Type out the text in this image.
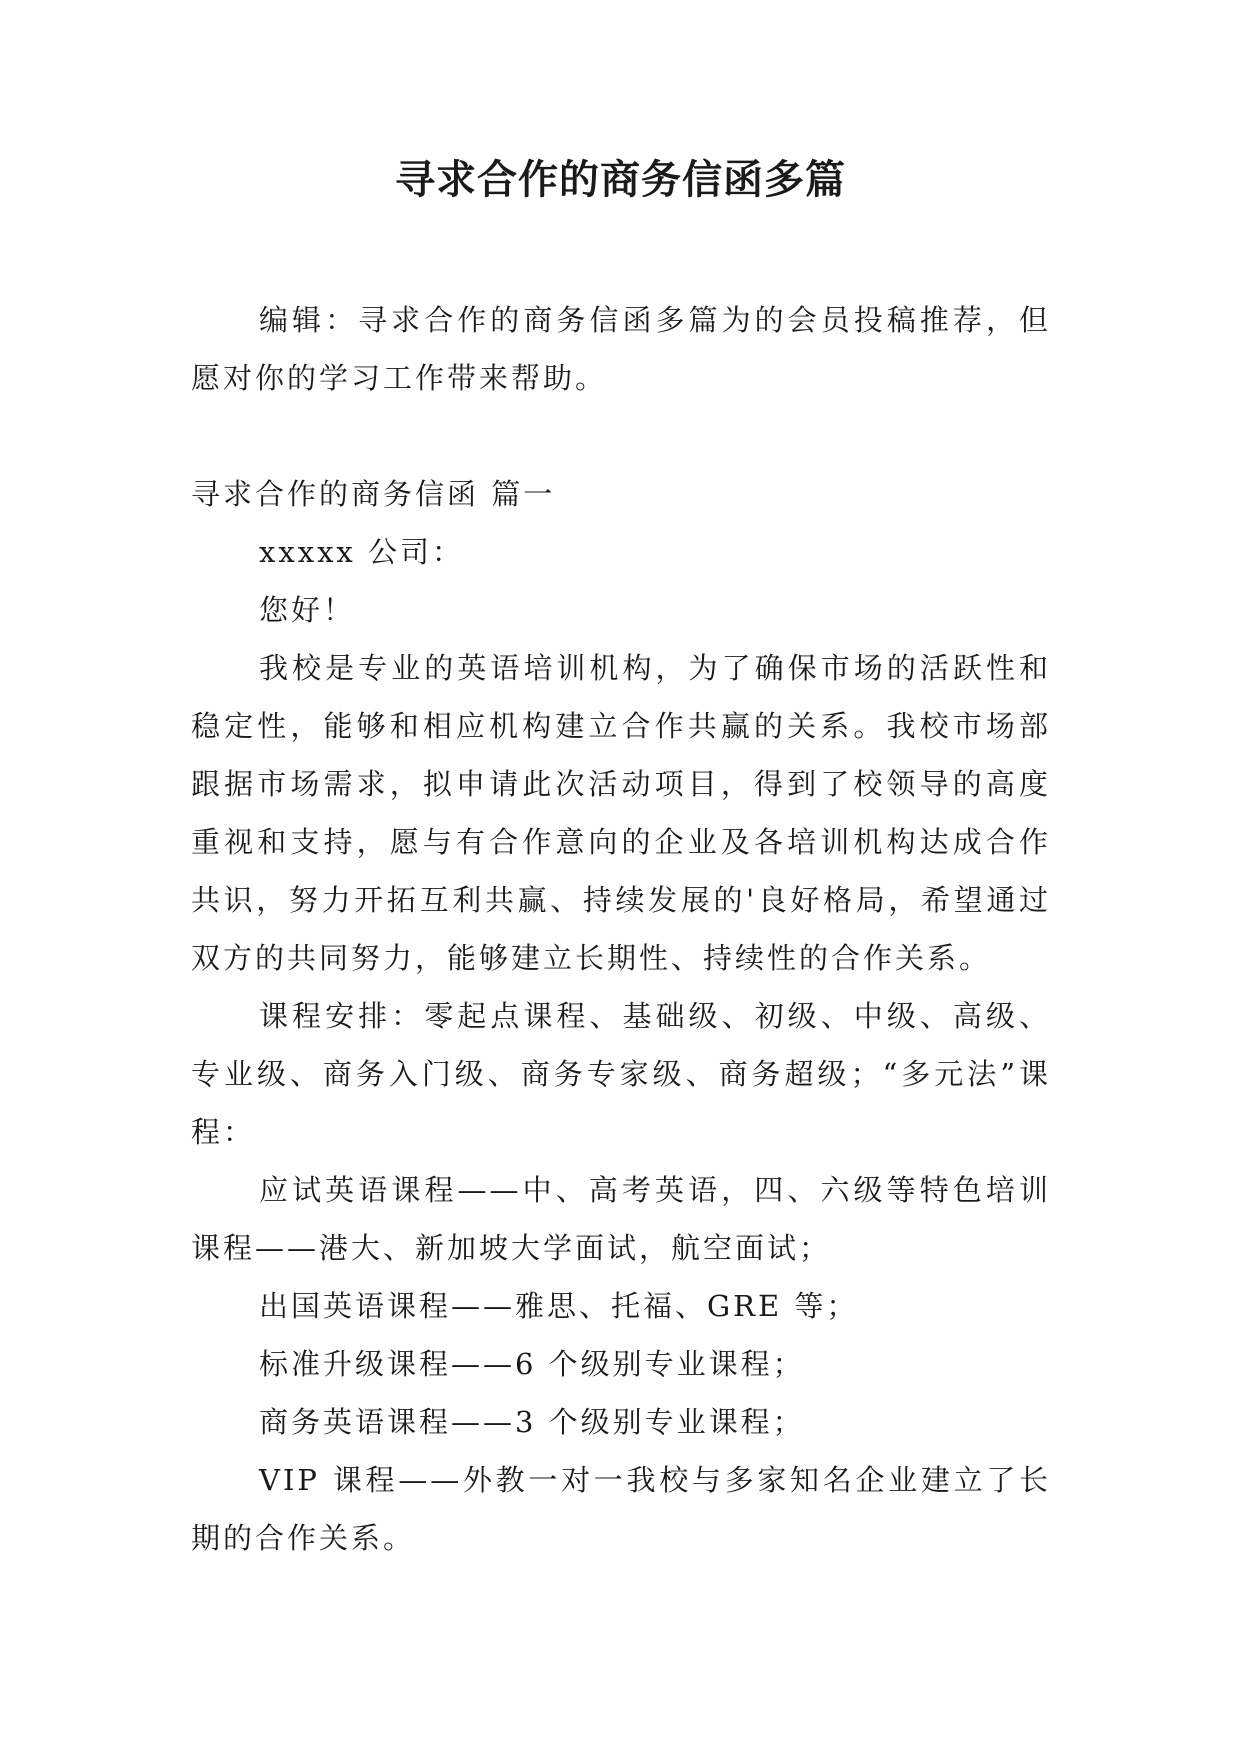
寻求合作的商务信函多篇

编辑：寻求合作的商务信函多篇为的会员投稿推荐，但愿对你的学习工作带来帮助。

寻求合作的商务信函 篇一

xxxxx 公司：

您好！

我校是专业的英语培训机构，为了确保市场的活跃性和稳定性，能够和相应机构建立合作共赢的关系。我校市场部跟据市场需求，拟申请此次活动项目，得到了校领导的高度重视和支持，愿与有合作意向的企业及各培训机构达成合作共识，努力开拓互利共赢、持续发展的'良好格局，希望通过双方的共同努力，能够建立长期性、持续性的合作关系。

课程安排：零起点课程、基础级、初级、中级、高级、专业级、商务入门级、商务专家级、商务超级；“多元法”课程：

应试英语课程——中、高考英语，四、六级等特色培训课程——港大、新加坡大学面试，航空面试；

出国英语课程——雅思、托福、GRE 等；

标准升级课程——6 个级别专业课程；

商务英语课程——3 个级别专业课程；

VIP 课程——外教一对一我校与多家知名企业建立了长期的合作关系。
